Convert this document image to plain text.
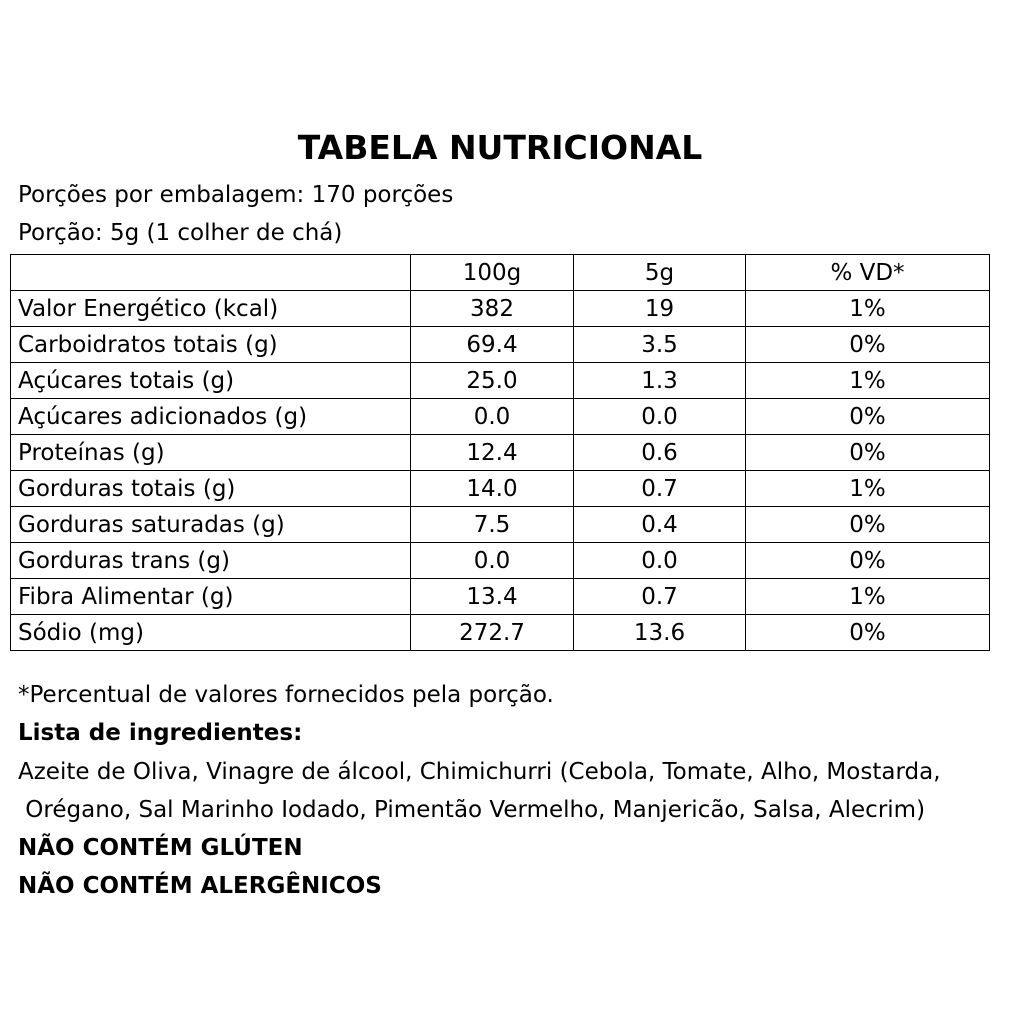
TABELA NUTRICIONAL
Porções por embalagem: 170 porções
Porção: 5g (1 colher de chá)
	100g	5g	% VD*
Valor Energético (kcal)	382	19	1%
Carboidratos totais (g)	69.4	3.5	0%
Açúcares totais (g)	25.0	1.3	1%
Açúcares adicionados (g)	0.0	0.0	0%
Proteínas (g)	12.4	0.6	0%
Gorduras totais (g)	14.0	0.7	1%
Gorduras saturadas (g)	7.5	0.4	0%
Gorduras trans (g)	0.0	0.0	0%
Fibra Alimentar (g)	13.4	0.7	1%
Sódio (mg)	272.7	13.6	0%
*Percentual de valores fornecidos pela porção.
Lista de ingredientes:
Azeite de Oliva, Vinagre de álcool, Chimichurri (Cebola, Tomate, Alho, Mostarda,
Orégano, Sal Marinho Iodado, Pimentão Vermelho, Manjericão, Salsa, Alecrim)
NÃO CONTÉM GLÚTEN
NÃO CONTÉM ALERGÊNICOS
